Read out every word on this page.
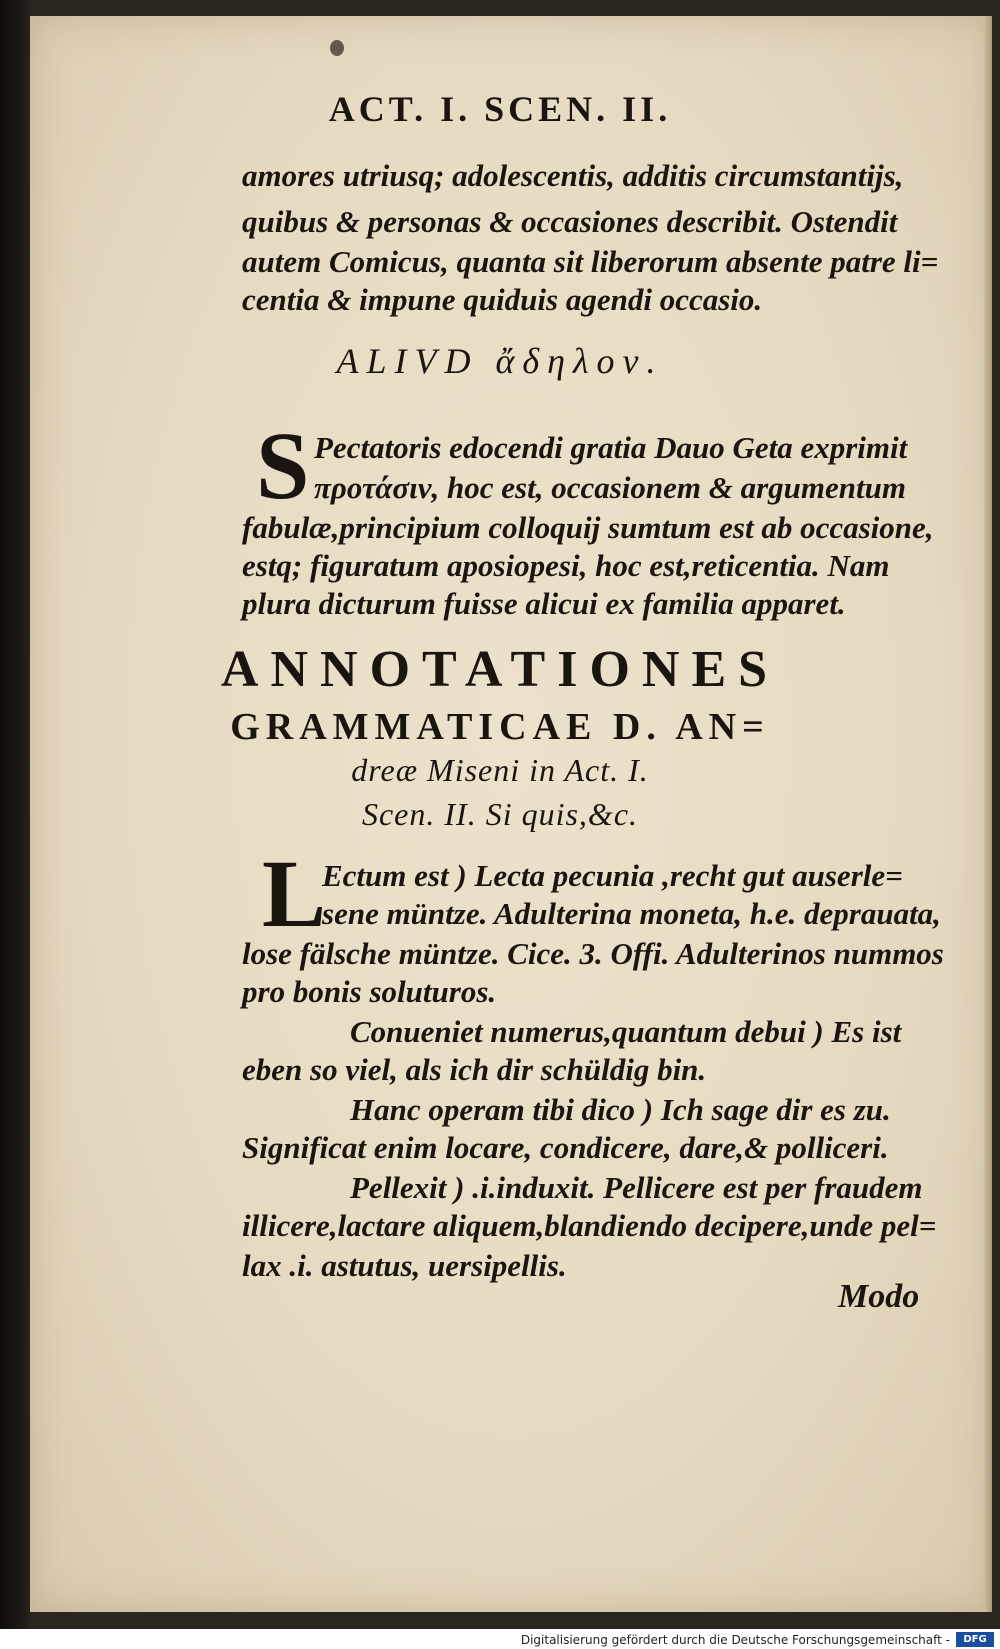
ACT. I. SCEN. II.
amores utriusq; adolescentis, additis circumstantijs,
quibus & personas & occasiones describit. Ostendit
autem Comicus, quanta sit liberorum absente patre li=
centia & impune quiduis agendi occasio.
ALIVD ἄδηλον.
S Pectatoris edocendi gratia Dauo Geta exprimit
προτάσιν, hoc est, occasionem & argumentum
fabulæ,principium colloquij sumtum est ab occasione,
estq; figuratum aposiopesi, hoc est,reticentia. Nam
plura dicturum fuisse alicui ex familia apparet.
ANNOTATIONES
GRAMMATICAE D. AN=
dreæ Miseni in Act. I.
Scen. II. Si quis,&c.
L
Ectum est ) Lecta pecunia ,recht gut auserle=
sene müntze. Adulterina moneta, h.e. deprauata,
lose fälsche müntze. Cice. 3. Offi. Adulterinos nummos
pro bonis soluturos.
Conueniet numerus,quantum debui ) Es ist
eben so viel, als ich dir schüldig bin.
Hanc operam tibi dico ) Ich sage dir es zu.
Significat enim locare, condicere, dare,& polliceri.
Pellexit ) .i.induxit. Pellicere est per fraudem
illicere,lactare aliquem,blandiendo decipere,unde pel=
lax .i. astutus, uersipellis.
Modo
Digitalisierung gefördert durch die Deutsche Forschungsgemeinschaft -	DFG
